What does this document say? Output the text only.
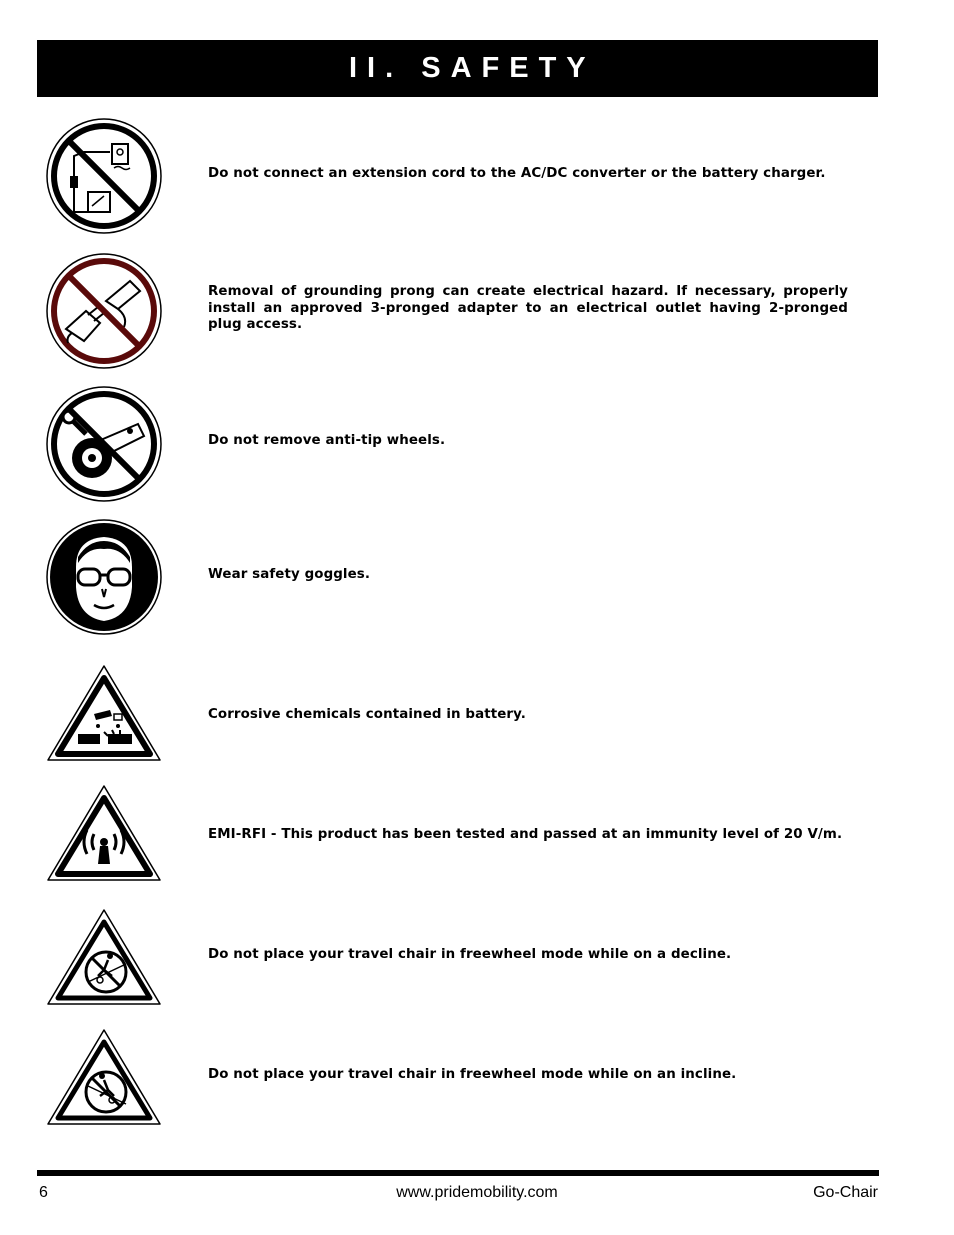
II. SAFETY
Do not connect an extension cord to the AC/DC converter or the battery charger.
Removal of grounding prong can create electrical hazard. If necessary, properly install an approved 3-pronged adapter to an electrical outlet having 2-pronged plug access.
Do not remove anti-tip wheels.
Wear safety goggles.
Corrosive chemicals contained in battery.
EMI-RFI - This product has been tested and passed at an immunity level of 20 V/m.
Do not place your travel chair in freewheel mode while on a decline.
Do not place your travel chair in freewheel mode while on an incline.
6	www.pridemobility.com	Go-Chair
